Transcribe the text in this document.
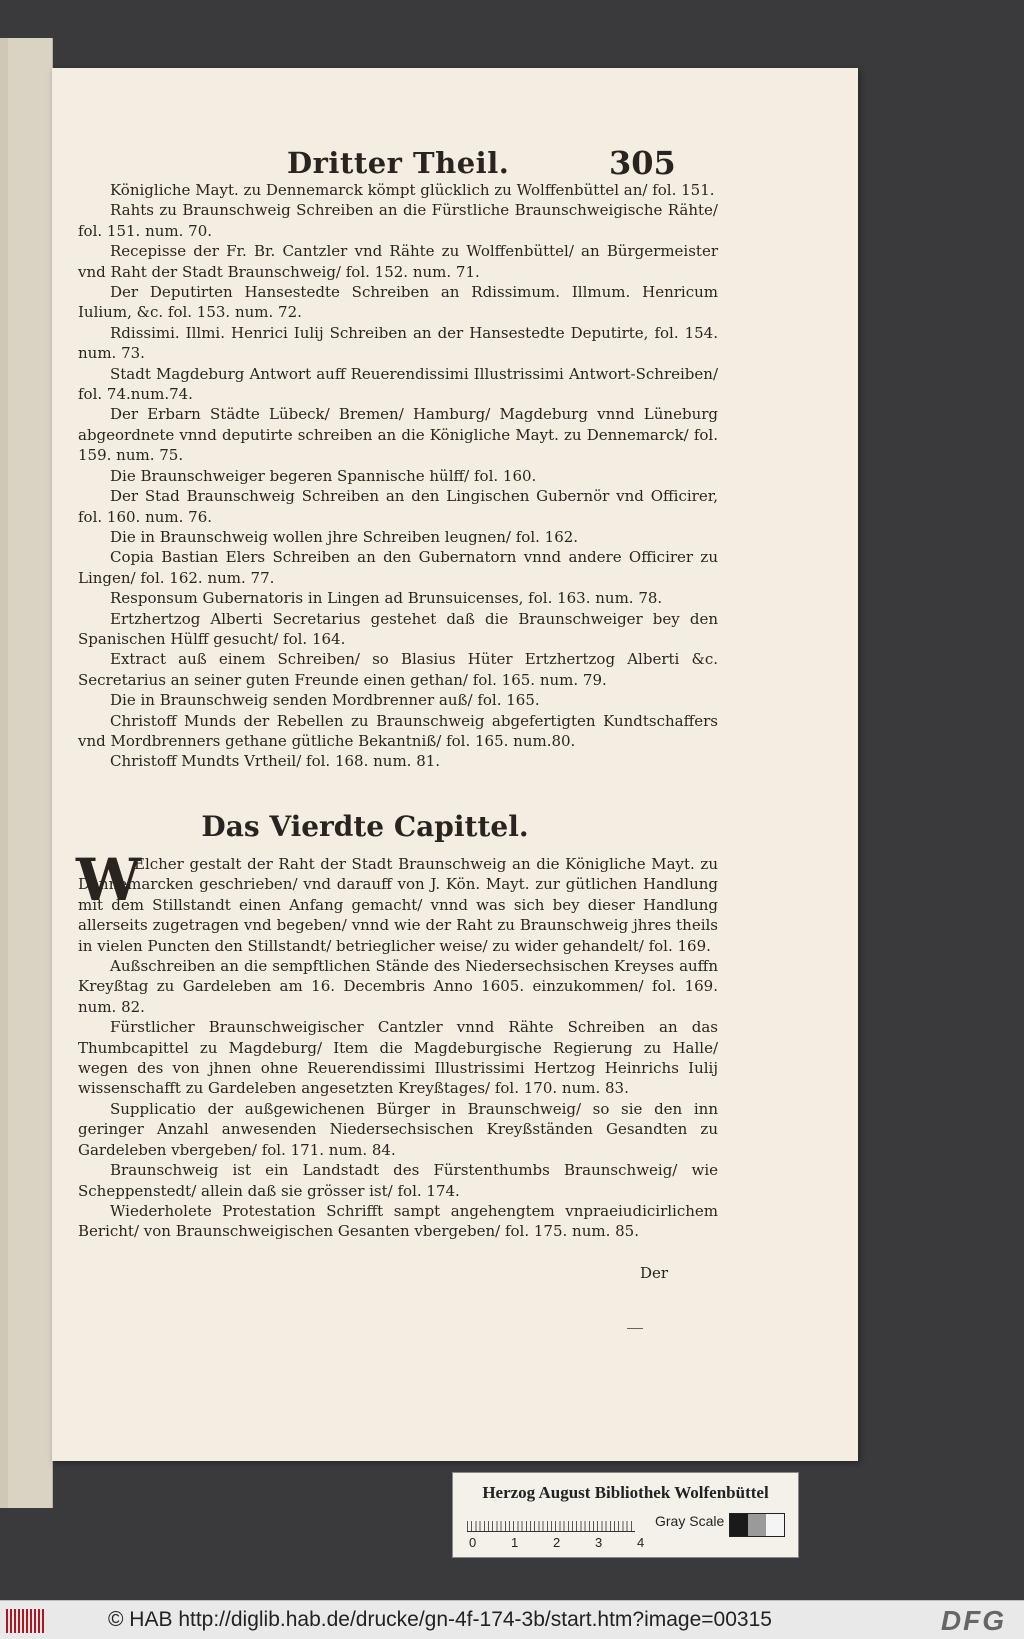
Dritter Theil.	305

Königliche Mayt. zu Dennemarck kömpt glücklich zu Wolffenbüttel an/ fol. 151.

Rahts zu Braunschweig Schreiben an die Fürstliche Braunschweigische Rähte/ fol. 151. num. 70.

Recepisse der Fr. Br. Cantzler vnd Rähte zu Wolffenbüttel/ an Bürgermeister vnd Raht der Stadt Braunschweig/ fol. 152. num. 71.

Der Deputirten Hansestedte Schreiben an Rdissimum. Illmum. Henricum Iulium, &c. fol. 153. num. 72.

Rdissimi. Illmi. Henrici Iulij Schreiben an der Hansestedte Deputirte, fol. 154. num. 73.

Stadt Magdeburg Antwort auff Reuerendissimi Illustrissimi Antwort-Schreiben/ fol. 74.num.74.

Der Erbarn Städte Lübeck/ Bremen/ Hamburg/ Magdeburg vnnd Lüneburg abgeordnete vnnd deputirte schreiben an die Königliche Mayt. zu Dennemarck/ fol. 159. num. 75.

Die Braunschweiger begeren Spannische hülff/ fol. 160.

Der Stad Braunschweig Schreiben an den Lingischen Gubernör vnd Officirer, fol. 160. num. 76.

Die in Braunschweig wollen jhre Schreiben leugnen/ fol. 162.

Copia Bastian Elers Schreiben an den Gubernatorn vnnd andere Officirer zu Lingen/ fol. 162. num. 77.

Responsum Gubernatoris in Lingen ad Brunsuicenses, fol. 163. num. 78.

Ertzhertzog Alberti Secretarius gestehet daß die Braunschweiger bey den Spanischen Hülff gesucht/ fol. 164.

Extract auß einem Schreiben/ so Blasius Hüter Ertzhertzog Alberti &c. Secretarius an seiner guten Freunde einen gethan/ fol. 165. num. 79.

Die in Braunschweig senden Mordbrenner auß/ fol. 165.

Christoff Munds der Rebellen zu Braunschweig abgefertigten Kundtschaffers vnd Mordbrenners gethane gütliche Bekantniß/ fol. 165. num.80.

Christoff Mundts Vrtheil/ fol. 168. num. 81.

Das Vierdte Capittel.
W

Elcher gestalt der Raht der Stadt Braunschweig an die Königliche Mayt. zu Dennemarcken geschrieben/ vnd darauff von J. Kön. Mayt. zur gütlichen Handlung mit dem Stillstandt einen Anfang gemacht/ vnnd was sich bey dieser Handlung allerseits zugetragen vnd begeben/ vnnd wie der Raht zu Braunschweig jhres theils in vielen Puncten den Stillstandt/ betrieglicher weise/ zu wider gehandelt/ fol. 169.

Außschreiben an die sempftlichen Stände des Niedersechsischen Kreyses auffn Kreyßtag zu Gardeleben am 16. Decembris Anno 1605. einzukommen/ fol. 169. num. 82.

Fürstlicher Braunschweigischer Cantzler vnnd Rähte Schreiben an das Thumbcapittel zu Magdeburg/ Item die Magdeburgische Regierung zu Halle/ wegen des von jhnen ohne Reuerendissimi Illustrissimi Hertzog Heinrichs Iulij wissenschafft zu Gardeleben angesetzten Kreyßtages/ fol. 170. num. 83.

Supplicatio der außgewichenen Bürger in Braunschweig/ so sie den inn geringer Anzahl anwesenden Niedersechsischen Kreyßständen Gesandten zu Gardeleben vbergeben/ fol. 171. num. 84.

Braunschweig ist ein Landstadt des Fürstenthumbs Braunschweig/ wie Scheppenstedt/ allein daß sie grösser ist/ fol. 174.

Wiederholete Protestation Schrifft sampt angehengtem vnpraeiudicirlichem Bericht/ von Braunschweigischen Gesanten vbergeben/ fol. 175. num. 85.

Der
Herzog August Bibliothek Wolfenbüttel
0	1	2	3	4
Gray Scale
© HAB http://diglib.hab.de/drucke/gn-4f-174-3b/start.htm?image=00315	DFG
